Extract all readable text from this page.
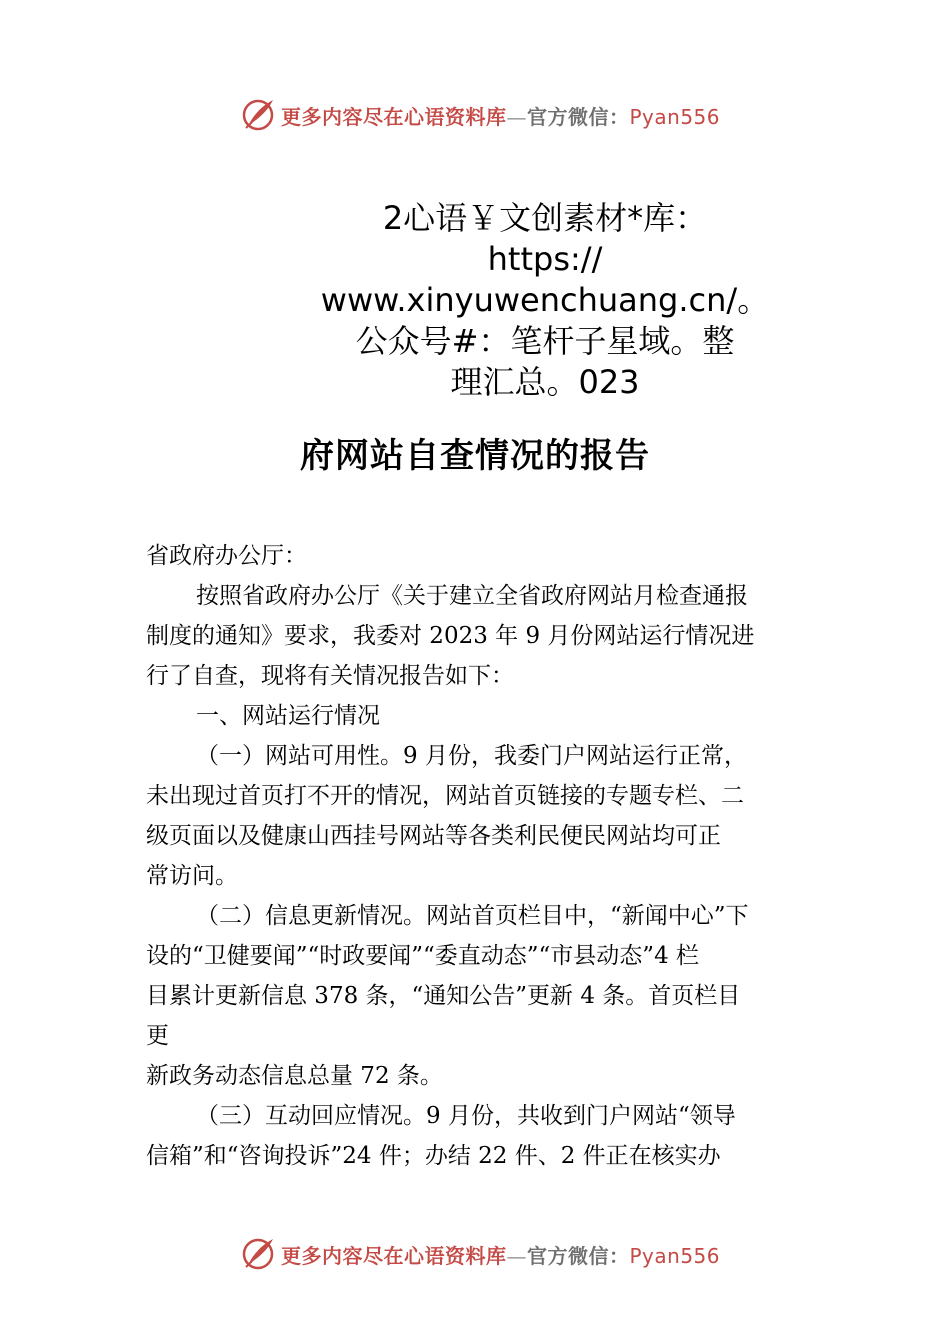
更多内容尽在心语资料库—官方微信：Pyan556
2心语￥文创素材*库：
https://
www.xinyuwenchuang.cn/。
公众号#：笔杆子星域。整
理汇总。023
府网站自查情况的报告

省政府办公厅：

按照省政府办公厅《关于建立全省政府网站月检查通报

制度的通知》要求，我委对 2023 年 9 月份网站运行情况进

行了自查，现将有关情况报告如下：

一、网站运行情况

（一）网站可用性。9 月份，我委门户网站运行正常，

未出现过首页打不开的情况，网站首页链接的专题专栏、二

级页面以及健康山西挂号网站等各类利民便民网站均可正

常访问。

（二）信息更新情况。网站首页栏目中，“新闻中心”下

设的“卫健要闻”“时政要闻”“委直动态”“市县动态”4 栏

目累计更新信息 378 条，“通知公告”更新 4 条。首页栏目

更

新政务动态信息总量 72 条。

（三）互动回应情况。9 月份，共收到门户网站“领导

信箱”和“咨询投诉”24 件；办结 22 件、2 件正在核实办

更多内容尽在心语资料库—官方微信：Pyan556
